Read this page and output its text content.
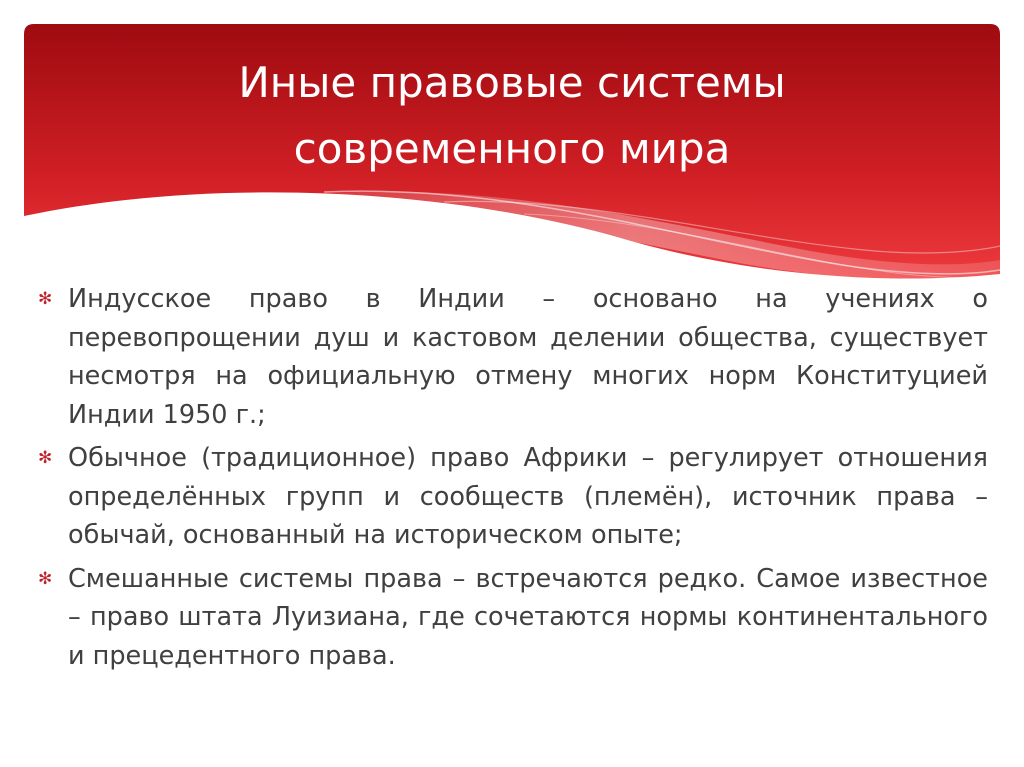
Иные правовые системы
современного мира
✻ Индусское право в Индии – основано на учениях о перевопрощении душ и кастовом делении общества, существует несмотря на официальную отмену многих норм Конституцией Индии 1950 г.;
✻ Обычное (традиционное) право Африки – регулирует отношения определённых групп и сообществ (племён), источник права – обычай, основанный на историческом опыте;
✻ Смешанные системы права – встречаются редко. Самое известное – право штата Луизиана, где сочетаются нормы континентального и прецедентного права.
